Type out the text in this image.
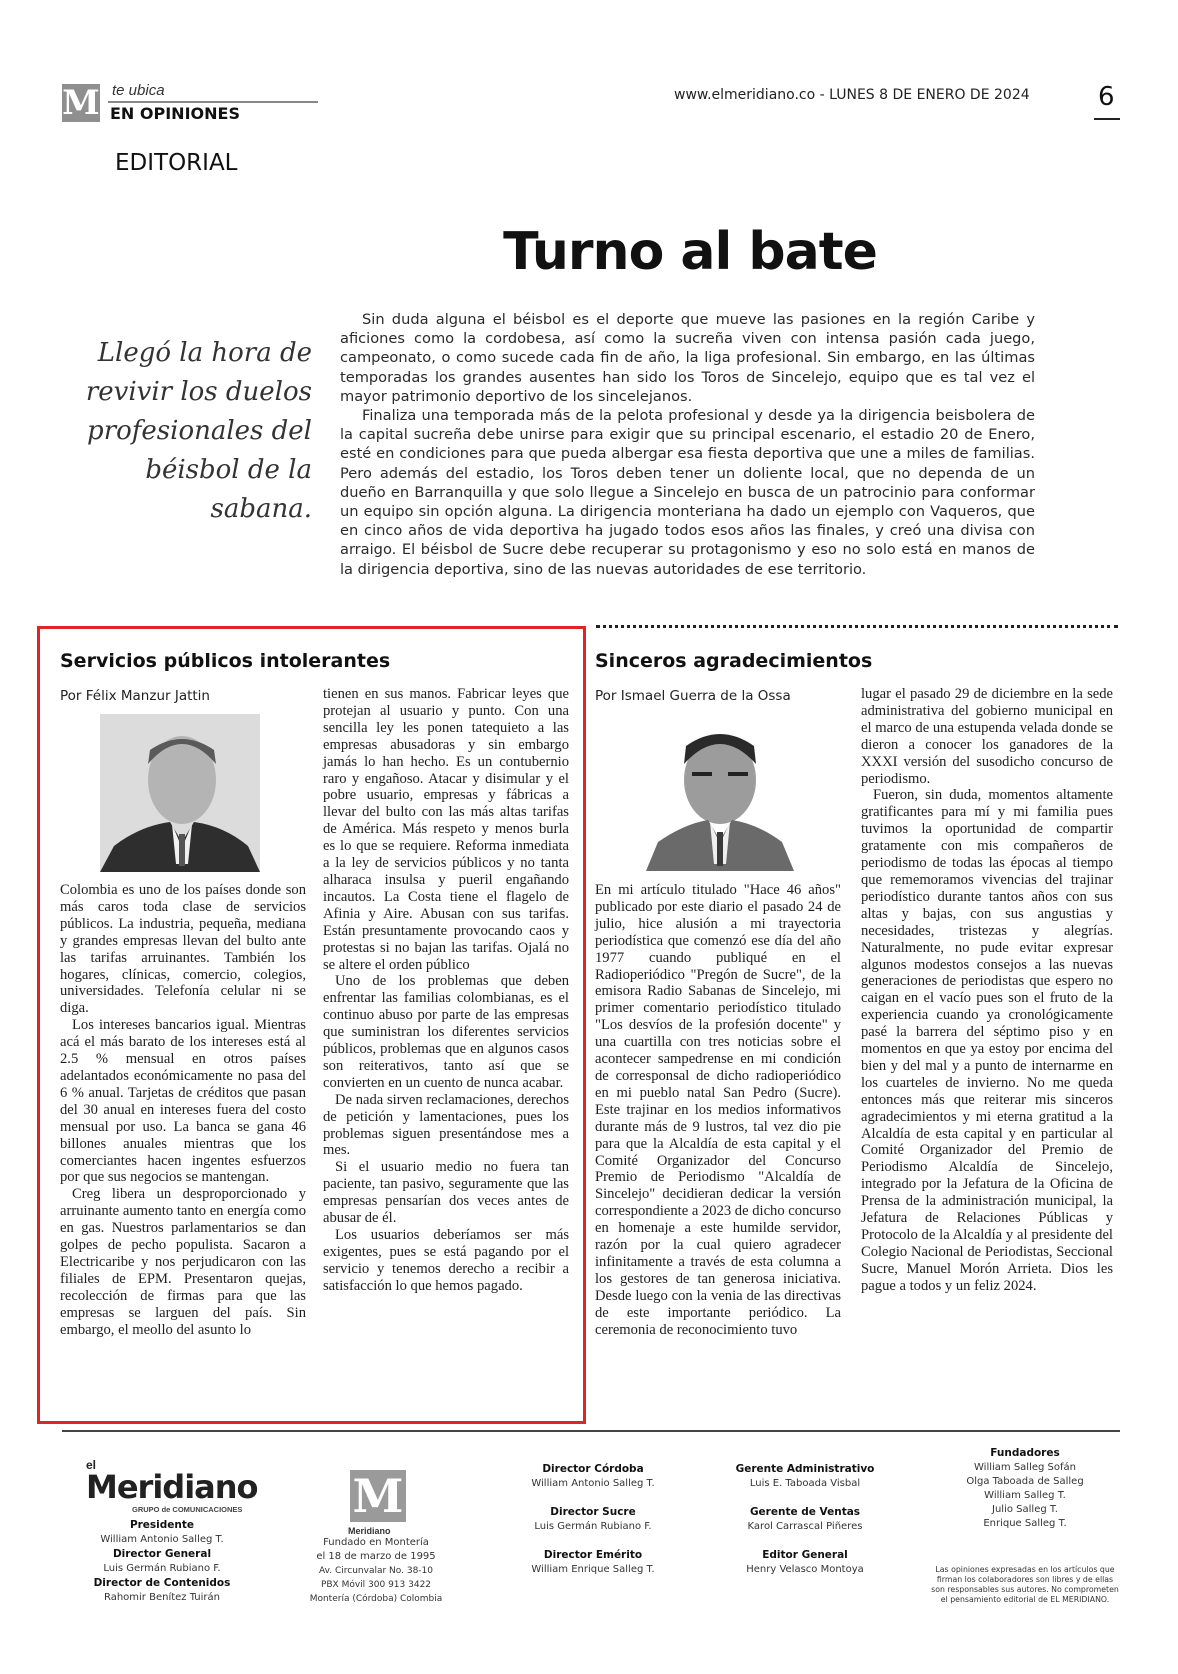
M te ubica
EN OPINIONES
www.elmeridiano.co - LUNES 8 DE ENERO DE 2024	6
EDITORIAL
Turno al bate
Llegó la hora de
revivir los duelos
profesionales del
béisbol de la sabana.

Sin duda alguna el béisbol es el deporte que mueve las pasiones en la región Caribe y aficiones como la cordobesa, así como la sucreña viven con intensa pasión cada juego, campeonato, o como sucede cada fin de año, la liga profesional. Sin embargo, en las últimas temporadas los grandes ausentes han sido los Toros de Sincelejo, equipo que es tal vez el mayor patrimonio deportivo de los sincelejanos.

Finaliza una temporada más de la pelota profesional y desde ya la dirigencia beisbolera de la capital sucreña debe unirse para exigir que su principal escenario, el estadio 20 de Enero, esté en condiciones para que pueda albergar esa fiesta deportiva que une a miles de familias. Pero además del estadio, los Toros deben tener un doliente local, que no dependa de un dueño en Barranquilla y que solo llegue a Sincelejo en busca de un patrocinio para conformar un equipo sin opción alguna. La dirigencia monteriana ha dado un ejemplo con Vaqueros, que en cinco años de vida deportiva ha jugado todos esos años las finales, y creó una divisa con arraigo. El béisbol de Sucre debe recuperar su protagonismo y eso no solo está en manos de la dirigencia deportiva, sino de las nuevas autoridades de ese territorio.

Servicios públicos intolerantes
Por Félix Manzur Jattin

Colombia es uno de los países donde son más caros toda clase de servicios públicos. La industria, pequeña, mediana y grandes empresas llevan del bulto ante las tarifas arruinantes. También los hogares, clínicas, comercio, colegios, universidades. Telefonía celular ni se diga.

Los intereses bancarios igual. Mientras acá el más barato de los intereses está al 2.5 % mensual en otros países adelantados económicamente no pasa del 6 % anual. Tarjetas de créditos que pasan del 30 anual en intereses fuera del costo mensual por uso. La banca se gana 46 billones anuales mientras que los comerciantes hacen ingentes esfuerzos por que sus negocios se mantengan.

Creg libera un desproporcionado y arruinante aumento tanto en energía como en gas. Nuestros parlamentarios se dan golpes de pecho populista. Sacaron a Electricaribe y nos perjudicaron con las filiales de EPM. Presentaron quejas, recolección de firmas para que las empresas se larguen del país. Sin embargo, el meollo del asunto lo

tienen en sus manos. Fabricar leyes que protejan al usuario y punto. Con una sencilla ley les ponen tatequieto a las empresas abusadoras y sin embargo jamás lo han hecho. Es un contubernio raro y engañoso. Atacar y disimular y el pobre usuario, empresas y fábricas a llevar del bulto con las más altas tarifas de América. Más respeto y menos burla es lo que se requiere. Reforma inmediata a la ley de servicios públicos y no tanta alharaca insulsa y pueril engañando incautos. La Costa tiene el flagelo de Afinia y Aire. Abusan con sus tarifas. Están presuntamente provocando caos y protestas si no bajan las tarifas. Ojalá no se altere el orden público

Uno de los problemas que deben enfrentar las familias colombianas, es el continuo abuso por parte de las empresas que suministran los diferentes servicios públicos, problemas que en algunos casos son reiterativos, tanto así que se convierten en un cuento de nunca acabar.

De nada sirven reclamaciones, derechos de petición y lamentaciones, pues los problemas siguen presentándose mes a mes.

Si el usuario medio no fuera tan paciente, tan pasivo, seguramente que las empresas pensarían dos veces antes de abusar de él.

Los usuarios deberíamos ser más exigentes, pues se está pagando por el servicio y tenemos derecho a recibir a satisfacción lo que hemos pagado.

Sinceros agradecimientos
Por Ismael Guerra de la Ossa

En mi artículo titulado "Hace 46 años" publicado por este diario el pasado 24 de julio, hice alusión a mi trayectoria periodística que comenzó ese día del año 1977 cuando publiqué en el Radioperiódico "Pregón de Sucre", de la emisora Radio Sabanas de Sincelejo, mi primer comentario periodístico titulado "Los desvíos de la profesión docente" y una cuartilla con tres noticias sobre el acontecer sampedrense en mi condición de corresponsal de dicho radioperiódico en mi pueblo natal San Pedro (Sucre). Este trajinar en los medios informativos durante más de 9 lustros, tal vez dio pie para que la Alcaldía de esta capital y el Comité Organizador del Concurso Premio de Periodismo "Alcaldía de Sincelejo" decidieran dedicar la versión correspondiente a 2023 de dicho concurso en homenaje a este humilde servidor, razón por la cual quiero agradecer infinitamente a través de esta columna a los gestores de tan generosa iniciativa. Desde luego con la venia de las directivas de este importante periódico. La ceremonia de reconocimiento tuvo

lugar el pasado 29 de diciembre en la sede administrativa del gobierno municipal en el marco de una estupenda velada donde se dieron a conocer los ganadores de la XXXI versión del susodicho concurso de periodismo.

Fueron, sin duda, momentos altamente gratificantes para mí y mi familia pues tuvimos la oportunidad de compartir gratamente con mis compañeros de periodismo de todas las épocas al tiempo que rememoramos vivencias del trajinar periodístico durante tantos años con sus altas y bajas, con sus angustias y necesidades, tristezas y alegrías. Naturalmente, no pude evitar expresar algunos modestos consejos a las nuevas generaciones de periodistas que espero no caigan en el vacío pues son el fruto de la experiencia cuando ya cronológicamente pasé la barrera del séptimo piso y en momentos en que ya estoy por encima del bien y del mal y a punto de internarme en los cuarteles de invierno. No me queda entonces más que reiterar mis sinceros agradecimientos y mi eterna gratitud a la Alcaldía de esta capital y en particular al Comité Organizador del Premio de Periodismo Alcaldía de Sincelejo, integrado por la Jefatura de la Oficina de Prensa de la administración municipal, la Jefatura de Relaciones Públicas y Protocolo de la Alcaldía y al presidente del Colegio Nacional de Periodistas, Seccional Sucre, Manuel Morón Arrieta. Dios les pague a todos y un feliz 2024.

el
Meridiano
GRUPO de COMUNICACIONES
Presidente
William Antonio Salleg T.
Director General
Luis Germán Rubiano F.
Director de Contenidos
Rahomir Benítez Tuirán
M
Meridiano
Fundado en Montería
el 18 de marzo de 1995
Av. Circunvalar No. 38-10
PBX Móvil 300 913 3422
Montería (Córdoba) Colombia
Director Córdoba
William Antonio Salleg T.

Director Sucre
Luis Germán Rubiano F.

Director Emérito
William Enrique Salleg T.
Gerente Administrativo
Luis E. Taboada Visbal

Gerente de Ventas
Karol Carrascal Piñeres

Editor General
Henry Velasco Montoya
Fundadores
William Salleg Sofán
Olga Taboada de Salleg
William Salleg T.
Julio Salleg T.
Enrique Salleg T.
Las opiniones expresadas en los artículos que firman los colaboradores son libres y de ellas son responsables sus autores. No comprometen el pensamiento editorial de EL MERIDIANO.
